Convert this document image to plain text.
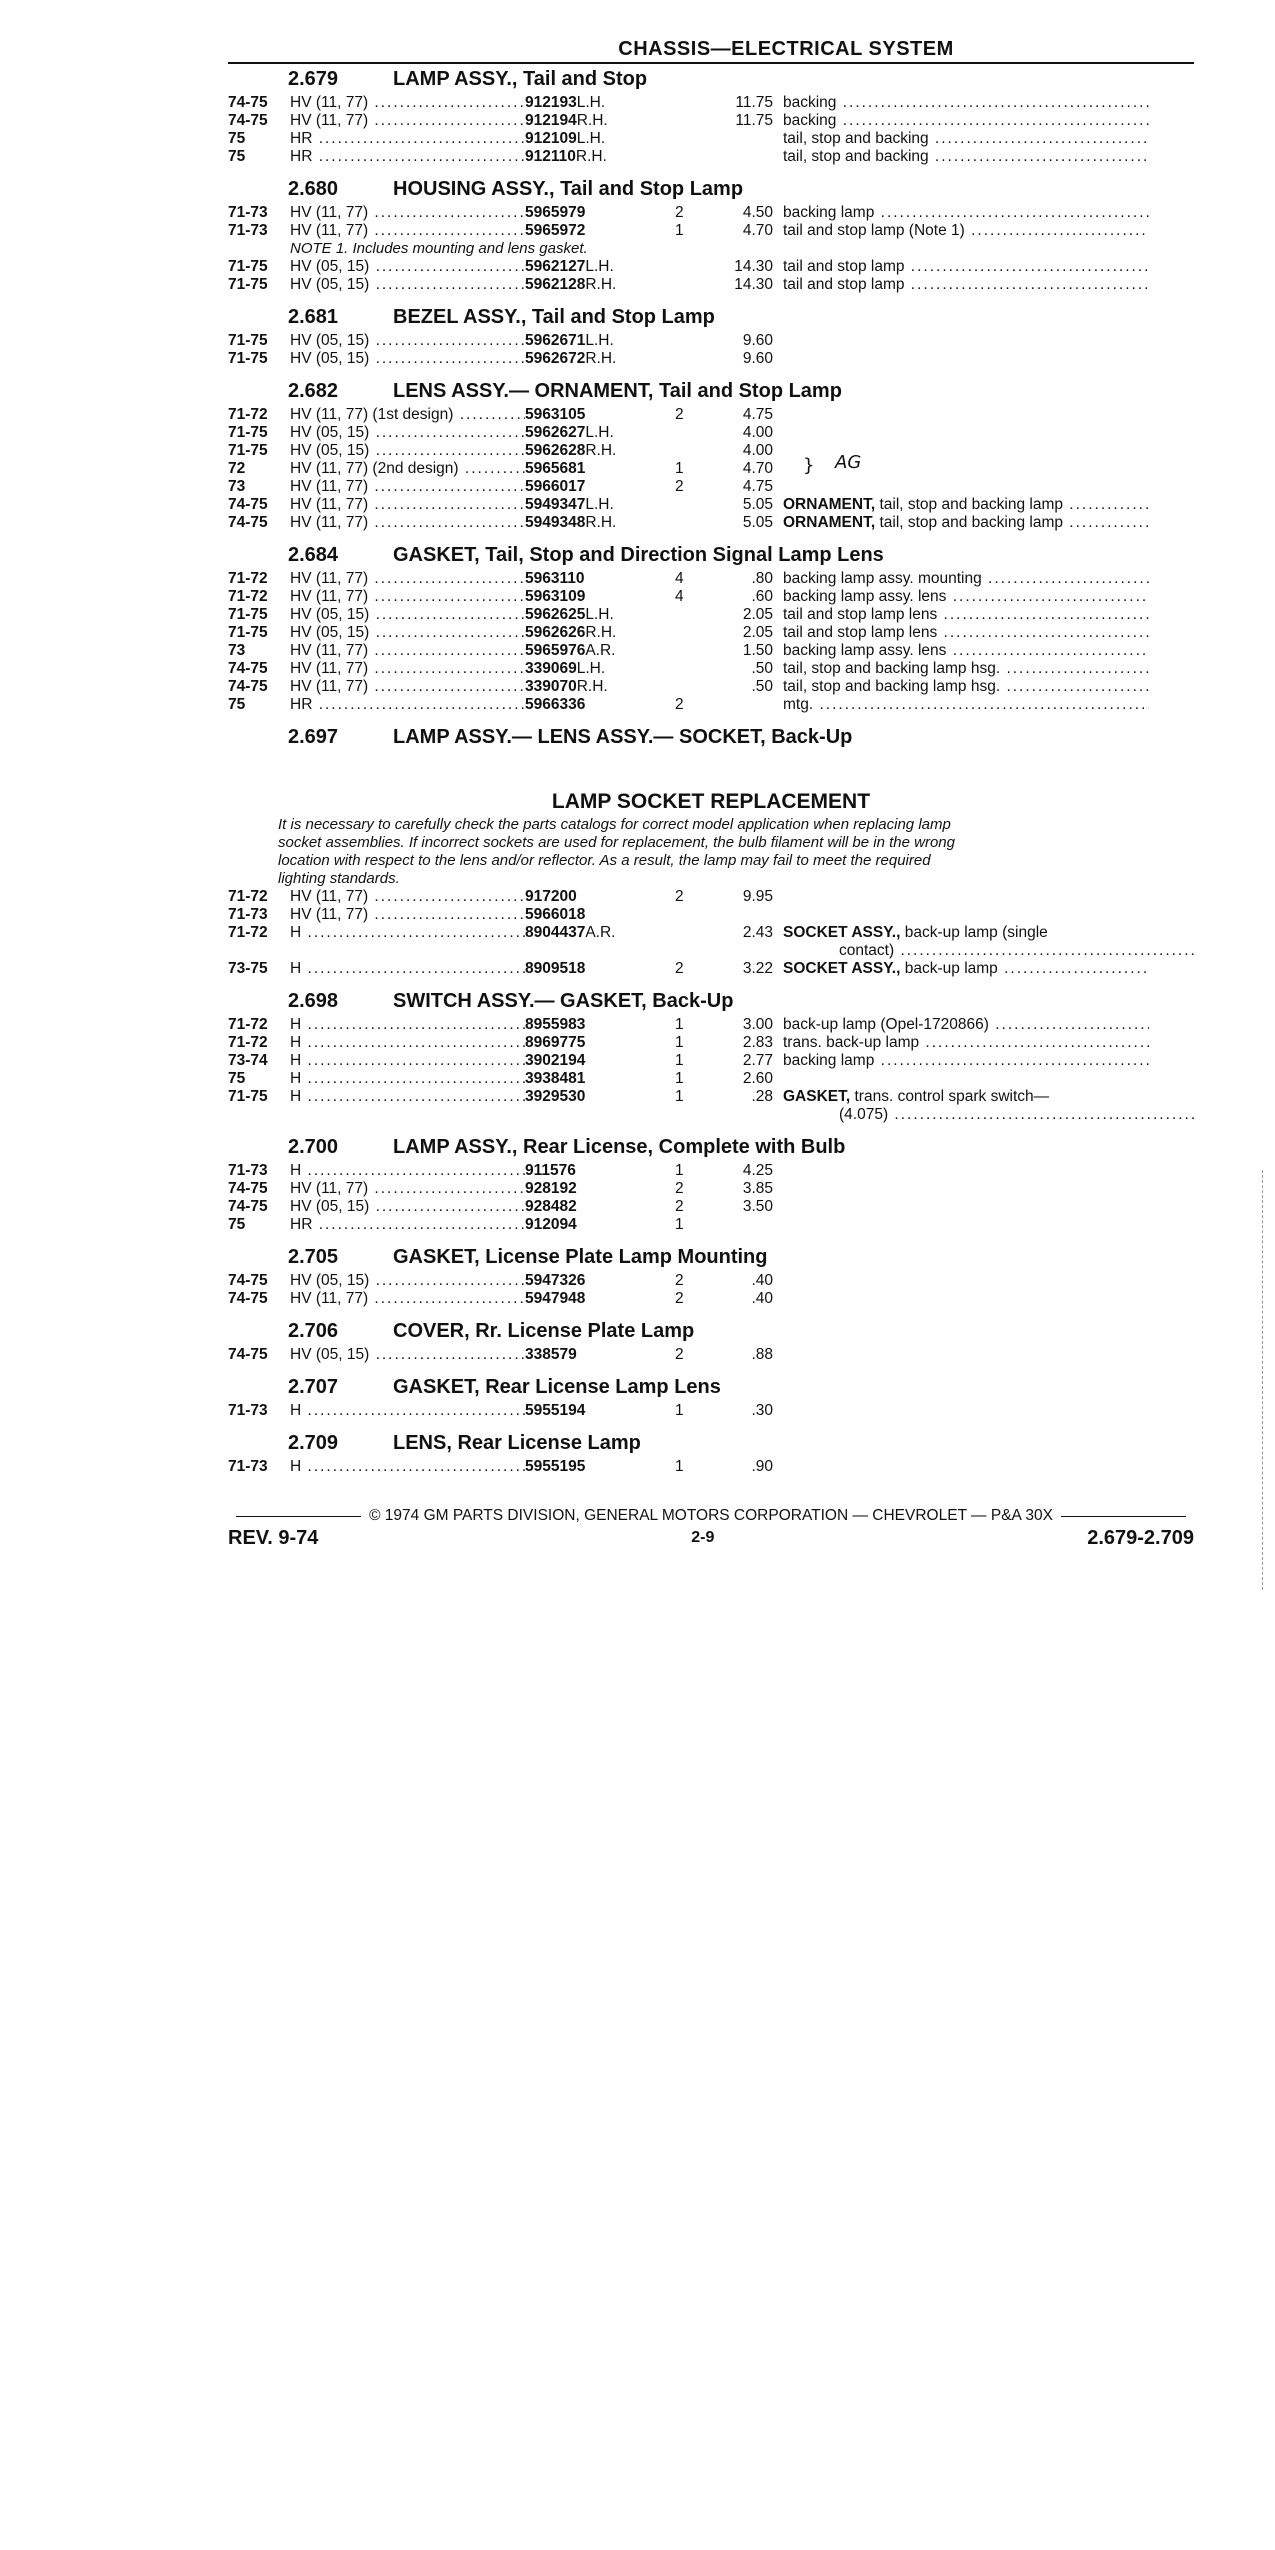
CHASSIS—ELECTRICAL SYSTEM
2.679	LAMP ASSY., Tail and Stop
74-75	HV (11, 77) .....	912193L.H.	11.75 backing .....
74-75	HV (11, 77) .....	912194R.H.	11.75 backing .....
75	HR .....	912109L.H.	tail, stop and backing .....
75	HR .....	912110R.H.	tail, stop and backing .....
2.680	HOUSING ASSY., Tail and Stop Lamp
71-73	HV (11, 77) .....	5965979	2	4.50 backing lamp .....
71-73	HV (11, 77) .....	5965972	1	4.70 tail and stop lamp (Note 1) .....
NOTE 1. Includes mounting and lens gasket.
71-75	HV (05, 15) .....	5962127L.H.	14.30 tail and stop lamp .....
71-75	HV (05, 15) .....	5962128R.H.	14.30 tail and stop lamp .....
2.681	BEZEL ASSY., Tail and Stop Lamp
71-75	HV (05, 15) .....	5962671L.H.	9.60
71-75	HV (05, 15) .....	5962672R.H.	9.60
2.682	LENS ASSY.— ORNAMENT, Tail and Stop Lamp
71-72	HV (11, 77) (1st design) .....	5963105	2	4.75
71-75	HV (05, 15) .....	5962627L.H.	4.00
71-75	HV (05, 15) .....	5962628R.H.	4.00
72	HV (11, 77) (2nd design) .....	5965681	1	4.70
73	HV (11, 77) .....	5966017	2	4.75
74-75	HV (11, 77) .....	5949347L.H.	5.05 ORNAMENT, tail, stop and backing lamp .....
74-75	HV (11, 77) .....	5949348R.H.	5.05 ORNAMENT, tail, stop and backing lamp .....
2.684	GASKET, Tail, Stop and Direction Signal Lamp Lens
71-72	HV (11, 77) .....	5963110	4	.80 backing lamp assy. mounting .....
71-72	HV (11, 77) .....	5963109	4	.60 backing lamp assy. lens .....
71-75	HV (05, 15) .....	5962625L.H.	2.05 tail and stop lamp lens .....
71-75	HV (05, 15) .....	5962626R.H.	2.05 tail and stop lamp lens .....
73	HV (11, 77) .....	5965976A.R.	1.50 backing lamp assy. lens .....
74-75	HV (11, 77) .....	339069L.H.	.50 tail, stop and backing lamp hsg. .....
74-75	HV (11, 77) .....	339070R.H.	.50 tail, stop and backing lamp hsg. .....
75	HR .....	5966336	2	mtg. .....
2.697	LAMP ASSY.— LENS ASSY.— SOCKET, Back-Up
LAMP SOCKET REPLACEMENT
It is necessary to carefully check the parts catalogs for correct model application when replacing lamp
socket assemblies. If incorrect sockets are used for replacement, the bulb filament will be in the wrong
location with respect to the lens and/or reflector. As a result, the lamp may fail to meet the required
lighting standards.
71-72	HV (11, 77) .....	917200	2	9.95
71-73	HV (11, 77) .....	5966018
71-72	H .....	8904437A.R.	2.43 SOCKET ASSY., back-up lamp (single
contact) .....
73-75	H .....	8909518	2	3.22 SOCKET ASSY., back-up lamp .....
2.698	SWITCH ASSY.— GASKET, Back-Up
71-72	H .....	8955983	1	3.00 back-up lamp (Opel-1720866) .....
71-72	H .....	8969775	1	2.83 trans. back-up lamp .....
73-74	H .....	3902194	1	2.77 backing lamp .....
75	H .....	3938481	1	2.60
71-75	H .....	3929530	1	.28 GASKET, trans. control spark switch—
(4.075) .....
2.700	LAMP ASSY., Rear License, Complete with Bulb
71-73	H .....	911576	1	4.25
74-75	HV (11, 77) .....	928192	2	3.85
74-75	HV (05, 15) .....	928482	2	3.50
75	HR .....	912094	1
2.705	GASKET, License Plate Lamp Mounting
74-75	HV (05, 15) .....	5947326	2	.40
74-75	HV (11, 77) .....	5947948	2	.40
2.706	COVER, Rr. License Plate Lamp
74-75	HV (05, 15) .....	338579	2	.88
2.707	GASKET, Rear License Lamp Lens
71-73	H .....	5955194	1	.30
2.709	LENS, Rear License Lamp
71-73	H .....	5955195	1	.90
© 1974 GM PARTS DIVISION, GENERAL MOTORS CORPORATION — CHEVROLET — P&A 30X
REV. 9-74	2-9	2.679-2.709
} AG
